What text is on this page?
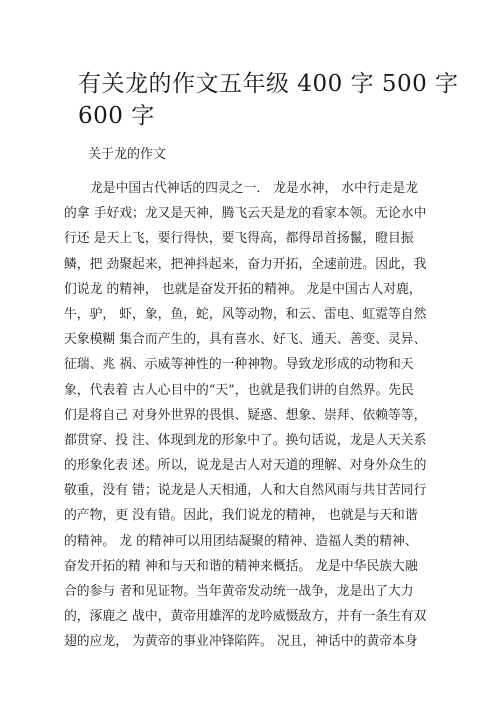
有关龙的作文五年级 400 字 500 字
600 字
关于龙的作文
龙是中国古代神话的四灵之一． 龙是水神， 水中行走是龙
的拿 手好戏；龙又是天神，腾飞云天是龙的看家本领。无论水中
行还 是天上飞，要行得快，要飞得高，都得昂首扬鬣，瞪目振
鳞，把 劲聚起来，把神抖起来，奋力开拓，全速前进。因此，我
们说龙 的精神， 也就是奋发开拓的精神。 龙是中国古人对鹿，
牛，驴， 虾，象，鱼，蛇，风等动物，和云、雷电、虹霓等自然
天象模糊 集合而产生的，具有喜水、好飞、通天、善变、灵异、
征瑞、兆 祸、示威等神性的一种神物。导致龙形成的动物和天
象，代表着 古人心目中的“天”，也就是我们讲的自然界。先民
们是将自己 对身外世界的畏惧、疑惑、想象、崇拜、依赖等等，
都贯穿、投 注、体现到龙的形象中了。换句话说，龙是人天关系
的形象化表 述。所以，说龙是古人对天道的理解、对身外众生的
敬重，没有 错；说龙是人天相通，人和大自然风雨与共甘苦同行
的产物，更 没有错。因此，我们说龙的精神， 也就是与天和谐
的精神。 龙 的精神可以用团结凝聚的精神、造福人类的精神、
奋发开拓的精 神和与天和谐的精神来概括。 龙是中华民族大融
合的参与 者和见证物。当年黄帝发动统一战争，龙是出了大力
的，涿鹿之 战中，黄帝用雄浑的龙吟威慑敌方，并有一条生有双
翅的应龙， 为黄帝的事业冲锋陷阵。 况且，神话中的黄帝本身
